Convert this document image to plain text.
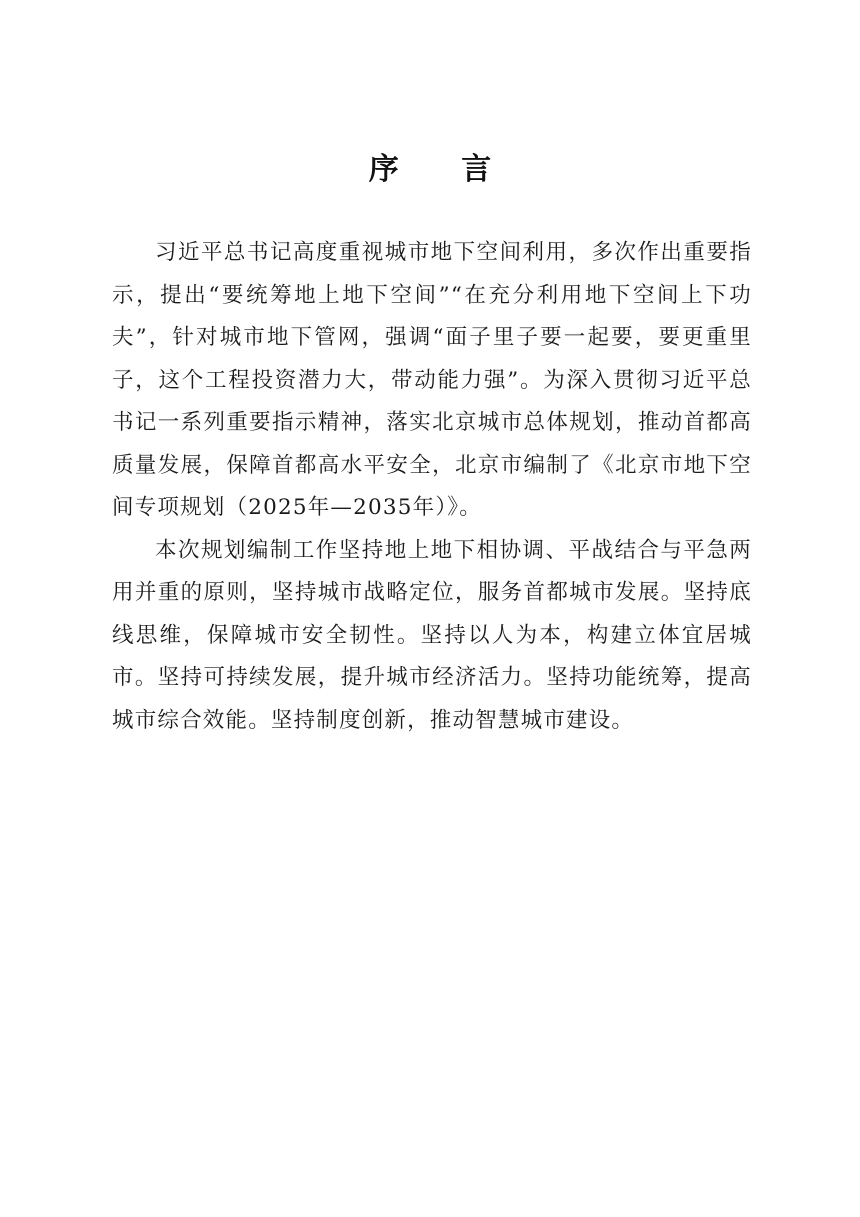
序 言

习近平总书记高度重视城市地下空间利用，多次作出重要指示，提出“要统筹地上地下空间”“在充分利用地下空间上下功夫”，针对城市地下管网，强调“面子里子要一起要，要更重里子，这个工程投资潜力大，带动能力强”。为深入贯彻习近平总书记一系列重要指示精神，落实北京城市总体规划，推动首都高质量发展，保障首都高水平安全，北京市编制了《北京市地下空间专项规划（2025年—2035年）》。

本次规划编制工作坚持地上地下相协调、平战结合与平急两用并重的原则，坚持城市战略定位，服务首都城市发展。坚持底线思维，保障城市安全韧性。坚持以人为本，构建立体宜居城市。坚持可持续发展，提升城市经济活力。坚持功能统筹，提高城市综合效能。坚持制度创新，推动智慧城市建设。
